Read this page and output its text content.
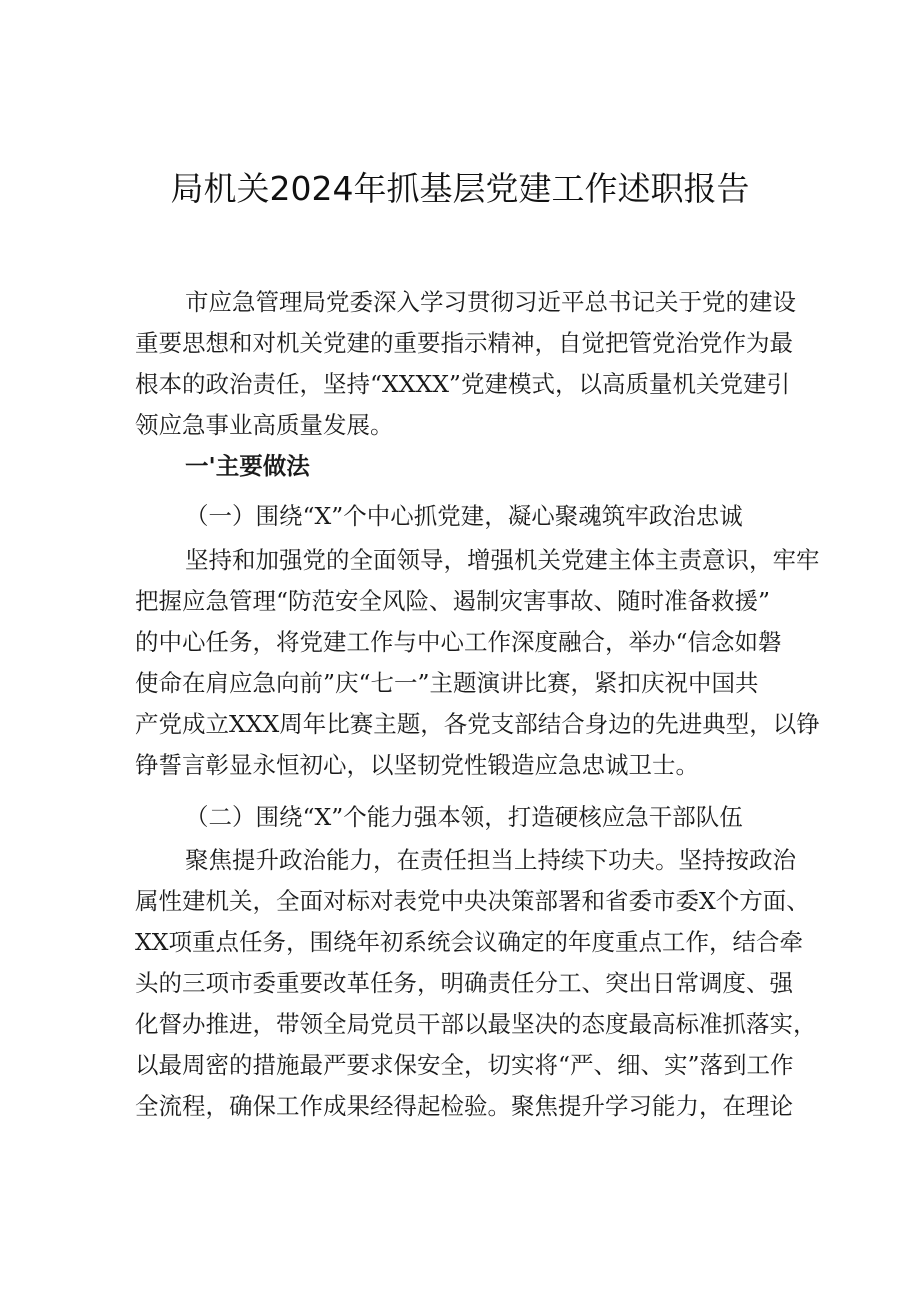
局机关2024年抓基层党建工作述职报告
市应急管理局党委深入学习贯彻习近平总书记关于党的建设
重要思想和对机关党建的重要指示精神，自觉把管党治党作为最
根本的政治责任，坚持“XXXX”党建模式，以高质量机关党建引
领应急事业高质量发展。
一'主要做法
（一）围绕“X”个中心抓党建，凝心聚魂筑牢政治忠诚
坚持和加强党的全面领导，增强机关党建主体主责意识，牢牢
把握应急管理“防范安全风险、遏制灾害事故、随时准备救援”
的中心任务，将党建工作与中心工作深度融合，举办“信念如磐
使命在肩应急向前”庆“七一”主题演讲比赛，紧扣庆祝中国共
产党成立XXX周年比赛主题，各党支部结合身边的先进典型，以铮
铮誓言彰显永恒初心，以坚韧党性锻造应急忠诚卫士。
（二）围绕“X”个能力强本领，打造硬核应急干部队伍
聚焦提升政治能力，在责任担当上持续下功夫。坚持按政治
属性建机关，全面对标对表党中央决策部署和省委市委X个方面、
XX项重点任务，围绕年初系统会议确定的年度重点工作，结合牵
头的三项市委重要改革任务，明确责任分工、突出日常调度、强
化督办推进，带领全局党员干部以最坚决的态度最高标准抓落实，
以最周密的措施最严要求保安全，切实将“严、细、实”落到工作
全流程，确保工作成果经得起检验。聚焦提升学习能力，在理论
